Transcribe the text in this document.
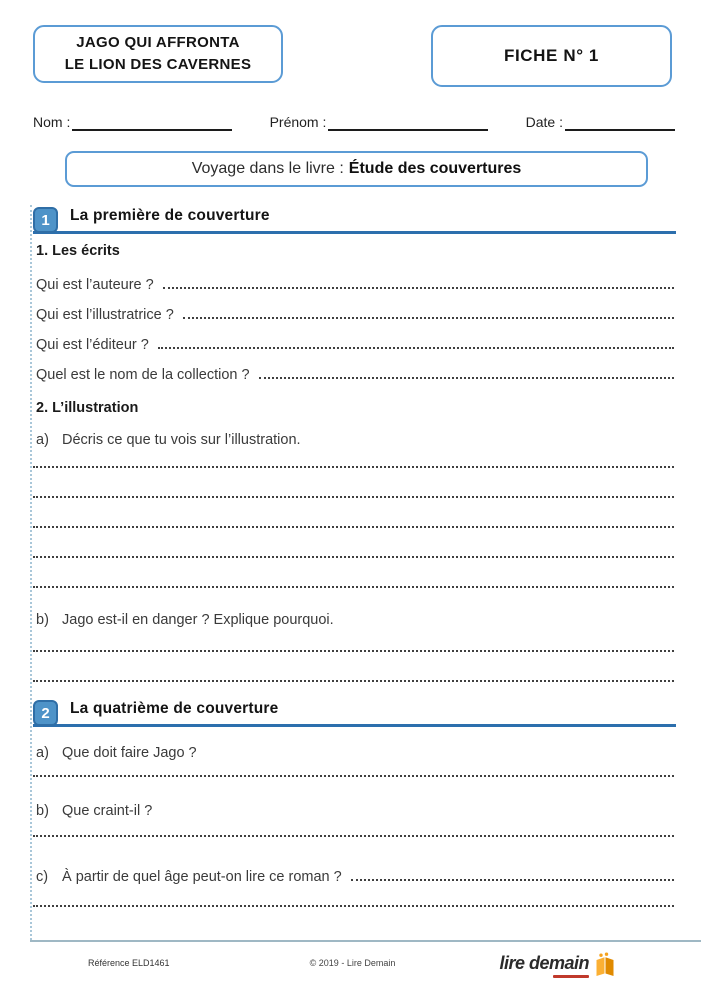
JAGO QUI AFFRONTA
LE LION DES CAVERNES	FICHE N° 1
Nom :	Prénom :	Date :
Voyage dans le livre : Étude des couvertures
1	La première de couverture
1. Les écrits
Qui est l’auteure ?
Qui est l’illustratrice ?
Qui est l’éditeur ?
Quel est le nom de la collection ?
2. L’illustration
a) Décris ce que tu vois sur l’illustration.
b) Jago est-il en danger ? Explique pourquoi.
2	La quatrième de couverture
a) Que doit faire Jago ?
b) Que craint-il ?
c) À partir de quel âge peut-on lire ce roman ?
Référence ELD1461	© 2019 - Lire Demain	lire demain
